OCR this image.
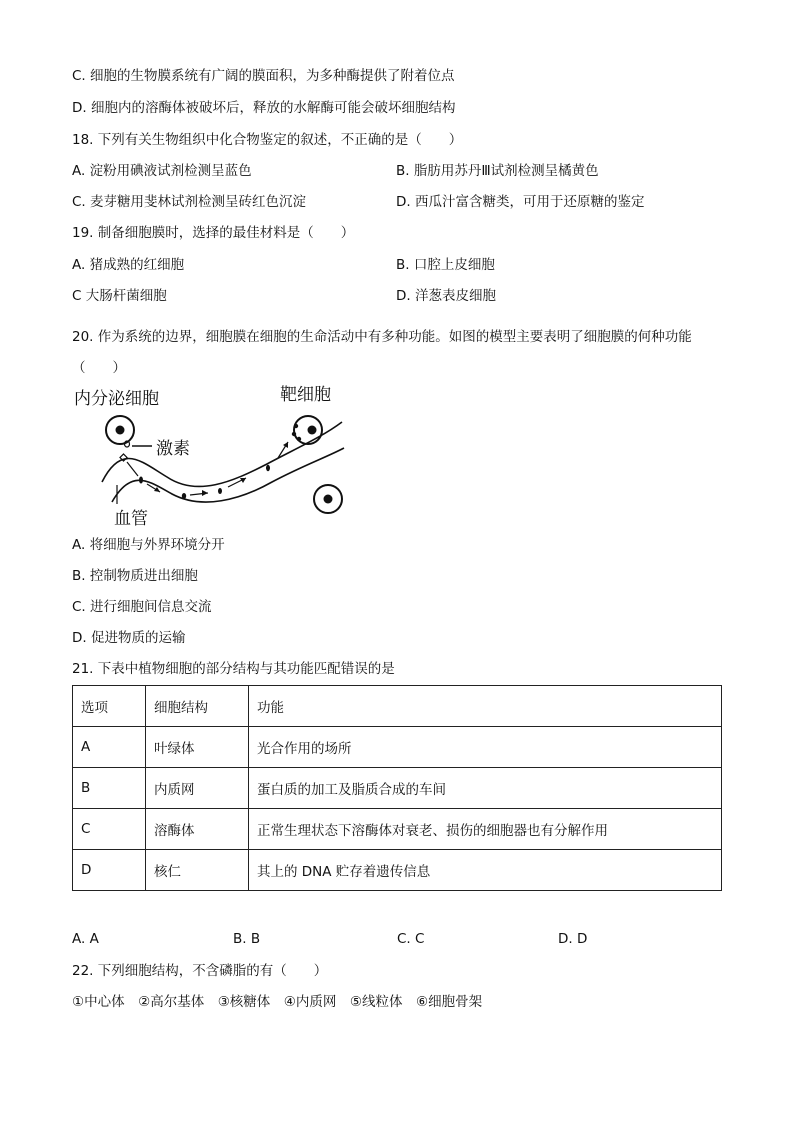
C. 细胞的生物膜系统有广阔的膜面积，为多种酶提供了附着位点
D. 细胞内的溶酶体被破坏后，释放的水解酶可能会破坏细胞结构
18. 下列有关生物组织中化合物鉴定的叙述，不正确的是（　　）
A. 淀粉用碘液试剂检测呈蓝色	B. 脂肪用苏丹Ⅲ试剂检测呈橘黄色
C. 麦芽糖用斐林试剂检测呈砖红色沉淀	D. 西瓜汁富含糖类，可用于还原糖的鉴定
19. 制备细胞膜时，选择的最佳材料是（　　）
A. 猪成熟的红细胞	B. 口腔上皮细胞
C 大肠杆菌细胞	D. 洋葱表皮细胞
20. 作为系统的边界，细胞膜在细胞的生命活动中有多种功能。如图的模型主要表明了细胞膜的何种功能
（　　）
内分泌细胞	靶细胞
激素
血管
A. 将细胞与外界环境分开
B. 控制物质进出细胞
C. 进行细胞间信息交流
D. 促进物质的运输
21. 下表中植物细胞的部分结构与其功能匹配错误的是
选项	细胞结构	功能
A	叶绿体	光合作用的场所
B	内质网	蛋白质的加工及脂质合成的车间
C	溶酶体	正常生理状态下溶酶体对衰老、损伤的细胞器也有分解作用
D	核仁	其上的 DNA 贮存着遗传信息
A. A	B. B	C. C	D. D
22. 下列细胞结构，不含磷脂的有（　　）
①中心体　②高尔基体　③核糖体　④内质网　⑤线粒体　⑥细胞骨架
